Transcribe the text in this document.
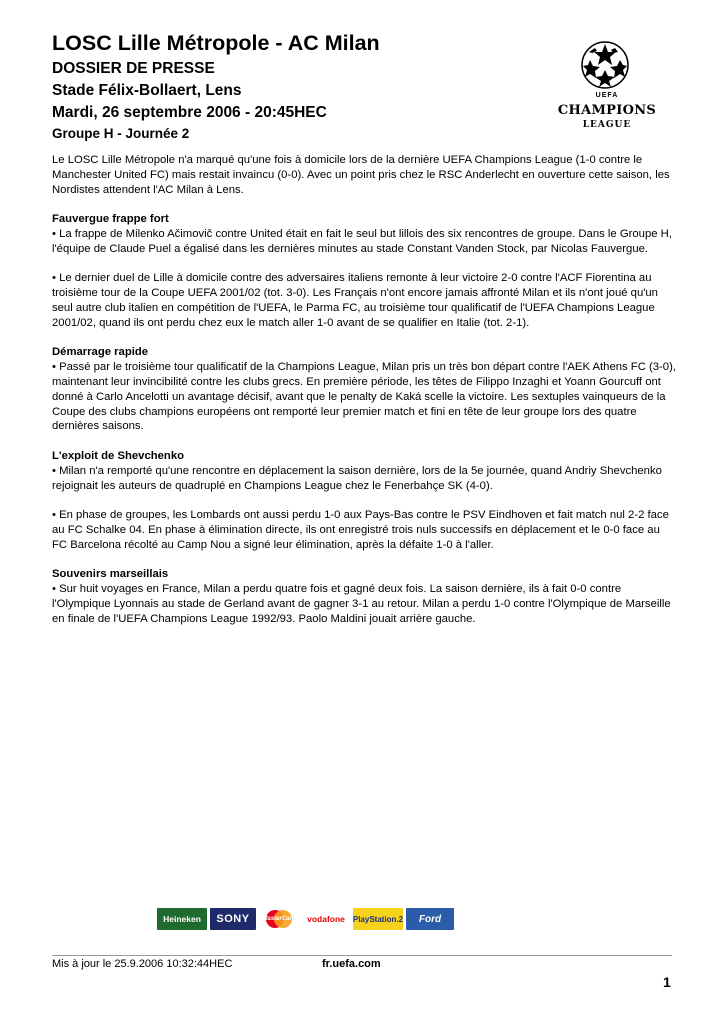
LOSC Lille Métropole - AC Milan
DOSSIER DE PRESSE
Stade Félix-Bollaert, Lens
Mardi, 26 septembre 2006 - 20:45HEC
Groupe H - Journée 2
UEFA
CHAMPIONS
LEAGUE

Le LOSC Lille Métropole n'a marqué qu'une fois à domicile lors de la dernière UEFA Champions League (1-0 contre le Manchester United FC) mais restait invaincu (0-0). Avec un point pris chez le RSC Anderlecht en ouverture cette saison, les Nordistes attendent l'AC Milan à Lens.

Fauvergue frappe fort

• La frappe de Milenko Ačimovič contre United était en fait le seul but lillois des six rencontres de groupe. Dans le Groupe H, l'équipe de Claude Puel a égalisé dans les dernières minutes au stade Constant Vanden Stock, par Nicolas Fauvergue.

• Le dernier duel de Lille à domicile contre des adversaires italiens remonte à leur victoire 2-0 contre l'ACF Fiorentina au troisième tour de la Coupe UEFA 2001/02 (tot. 3-0). Les Français n'ont encore jamais affronté Milan et ils n'ont joué qu'un seul autre club italien en compétition de l'UEFA, le Parma FC, au troisième tour qualificatif de l'UEFA Champions League 2001/02, quand ils ont perdu chez eux le match aller 1-0 avant de se qualifier en Italie (tot. 2-1).

Démarrage rapide

• Passé par le troisième tour qualificatif de la Champions League, Milan pris un très bon départ contre l'AEK Athens FC (3-0), maintenant leur invincibilité contre les clubs grecs. En première période, les têtes de Filippo Inzaghi et Yoann Gourcuff ont donné à Carlo Ancelotti un avantage décisif, avant que le penalty de Kaká scelle la victoire. Les sextuples vainqueurs de la Coupe des clubs champions européens ont remporté leur premier match et fini en tête de leur groupe lors des quatre dernières saisons.

L'exploit de Shevchenko

• Milan n'a remporté qu'une rencontre en déplacement la saison dernière, lors de la 5e journée, quand Andriy Shevchenko rejoignait les auteurs de quadruplé en Champions League chez le Fenerbahçe SK (4-0).

• En phase de groupes, les Lombards ont aussi perdu 1-0 aux Pays-Bas contre le PSV Eindhoven et fait match nul 2-2 face au FC Schalke 04. En phase à élimination directe, ils ont enregistré trois nuls successifs en déplacement et le 0-0 face au FC Barcelona récolté au Camp Nou a signé leur élimination, après la défaite 1-0 à l'aller.

Souvenirs marseillais

• Sur huit voyages en France, Milan a perdu quatre fois et gagné deux fois. La saison dernière, ils à fait 0-0 contre l'Olympique Lyonnais au stade de Gerland avant de gagner 3-1 au retour. Milan a perdu 1-0 contre l'Olympique de Marseille en finale de l'UEFA Champions League 1992/93. Paolo Maldini jouait arrière gauche.

Heineken	SONY	MasterCard	vodafone PlayStation.2	Ford
Mis à jour le 25.9.2006 10:32:44HEC	fr.uefa.com
1
